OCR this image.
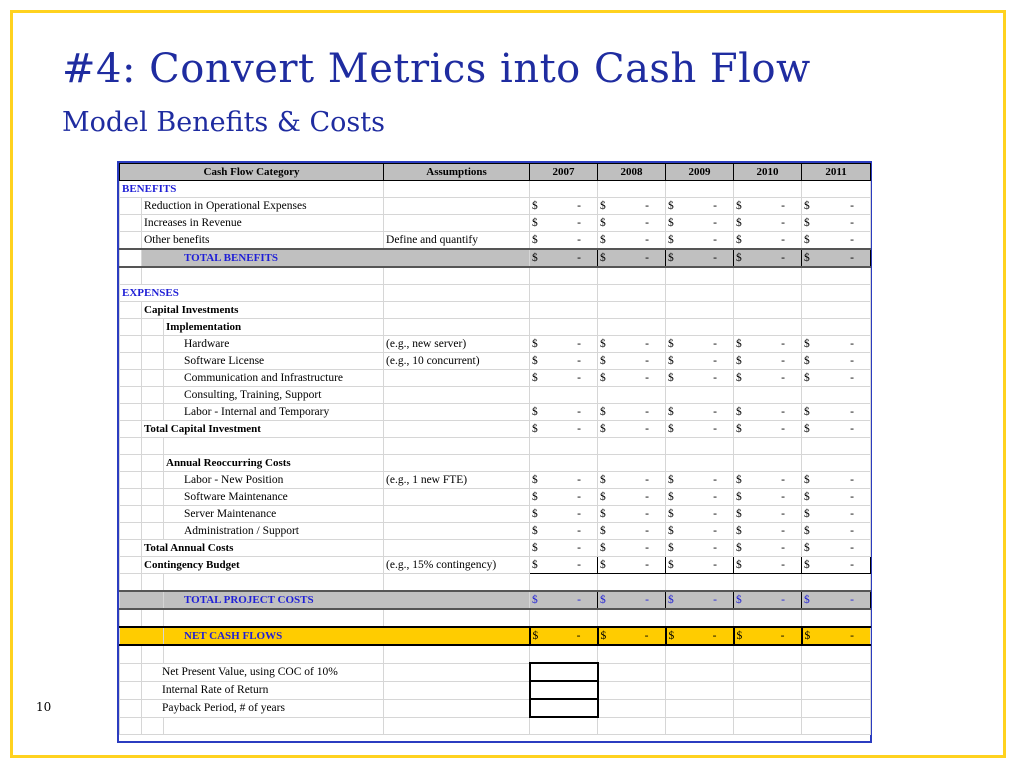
#4: Convert Metrics into Cash Flow
Model Benefits & Costs
10
Cash Flow Category			Assumptions	2007	2008	2009	2010	2011
BENEFITS								
	Reduction in Operational Expenses			$ -	$ -	$ -	$ -	$ -

	Increases in Revenue			$ -	$ -	$ -	$ -	$ -

	Other benefits		Define and quantify	$ -	$ -	$ -	$ -	$ -

	TOTAL BENEFITS			$ -	$ -	$ -	$ -	$ -

EXPENSES								
	Capital Investments							
		Implementation						
		Hardware	(e.g., new server)	$ -	$ -	$ -	$ -	$ -

		Software License	(e.g., 10 concurrent)	$ -	$ -	$ -	$ -	$ -

		Communication and Infrastructure		$ -	$ -	$ -	$ -	$ -

		Consulting, Training, Support						
		Labor - Internal and Temporary		$ -	$ -	$ -	$ -	$ -

	Total Capital Investment			$ -	$ -	$ -	$ -	$ -

		Annual Reoccurring Costs						
		Labor - New Position	(e.g., 1 new FTE)	$ -	$ -	$ -	$ -	$ -

		Software Maintenance		$ -	$ -	$ -	$ -	$ -

		Server Maintenance		$ -	$ -	$ -	$ -	$ -

		Administration / Support		$ -	$ -	$ -	$ -	$ -

	Total Annual Costs			$ -	$ -	$ -	$ -	$ -

	Contingency Budget		(e.g., 15% contingency)	$ -	$ -	$ -	$ -	$ -

		TOTAL PROJECT COSTS		$ -	$ -	$ -	$ -	$ -

		NET CASH FLOWS		$ -	$ -	$ -	$ -	$ -

	Net Present Value, using COC of 10%							
	Internal Rate of Return							
	Payback Period, # of years							
